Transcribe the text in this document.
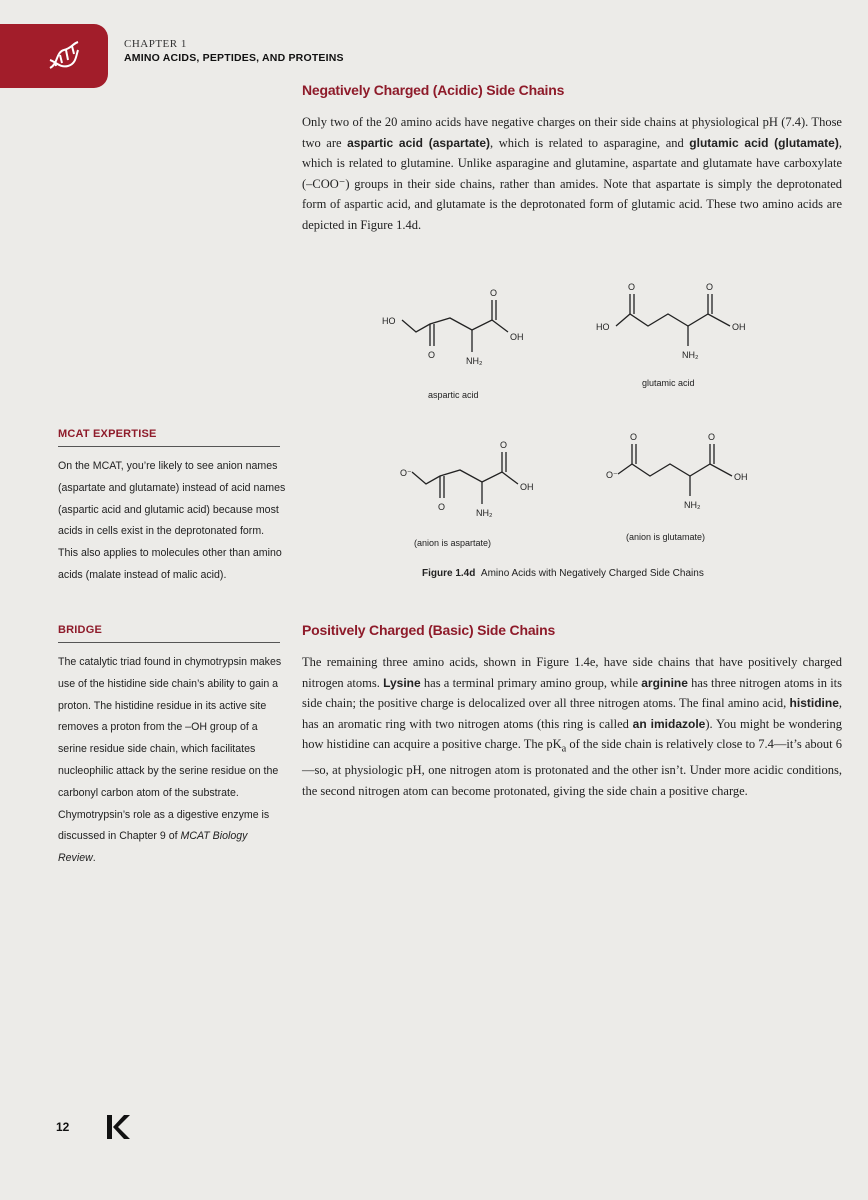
CHAPTER 1
AMINO ACIDS, PEPTIDES, AND PROTEINS
Negatively Charged (Acidic) Side Chains
Only two of the 20 amino acids have negative charges on their side chains at physiological pH (7.4). Those two are aspartic acid (aspartate), which is related to asparagine, and glutamic acid (glutamate), which is related to glutamine. Unlike asparagine and glutamine, aspartate and glutamate have carboxylate (–COO⁻) groups in their side chains, rather than amides. Note that aspartate is simply the deprotonated form of aspartic acid, and glutamate is the deprotonated form of glutamic acid. These two amino acids are depicted in Figure 1.4d.
HO
OH
O
O
NH₂
HO	OH
O	O
NH₂
O⁻
OH
O
O
NH₂
O⁻	OH
O	O
NH₂
aspartic acid
glutamic acid
(anion is aspartate)
(anion is glutamate)
Figure 1.4d Amino Acids with Negatively Charged Side Chains
Positively Charged (Basic) Side Chains
The remaining three amino acids, shown in Figure 1.4e, have side chains that have positively charged nitrogen atoms. Lysine has a terminal primary amino group, while arginine has three nitrogen atoms in its side chain; the positive charge is delocalized over all three nitrogen atoms. The final amino acid, histidine, has an aromatic ring with two nitrogen atoms (this ring is called an imidazole). You might be wondering how histidine can acquire a positive charge. The $pK_a$ of the side chain is relatively close to 7.4—it’s about 6—so, at physiologic pH, one nitrogen atom is protonated and the other isn’t. Under more acidic conditions, the second nitrogen atom can become protonated, giving the side chain a positive charge.
MCAT EXPERTISE
On the MCAT, you’re likely to see anion names (aspartate and glutamate) instead of acid names (aspartic acid and glutamic acid) because most acids in cells exist in the deprotonated form. This also applies to molecules other than amino acids (malate instead of malic acid).
BRIDGE
The catalytic triad found in chymotrypsin makes use of the histidine side chain’s ability to gain a proton. The histidine residue in its active site removes a proton from the –OH group of a serine residue side chain, which facilitates nucleophilic attack by the serine residue on the carbonyl carbon atom of the substrate. Chymotrypsin’s role as a digestive enzyme is discussed in Chapter 9 of MCAT Biology Review.
12
K
